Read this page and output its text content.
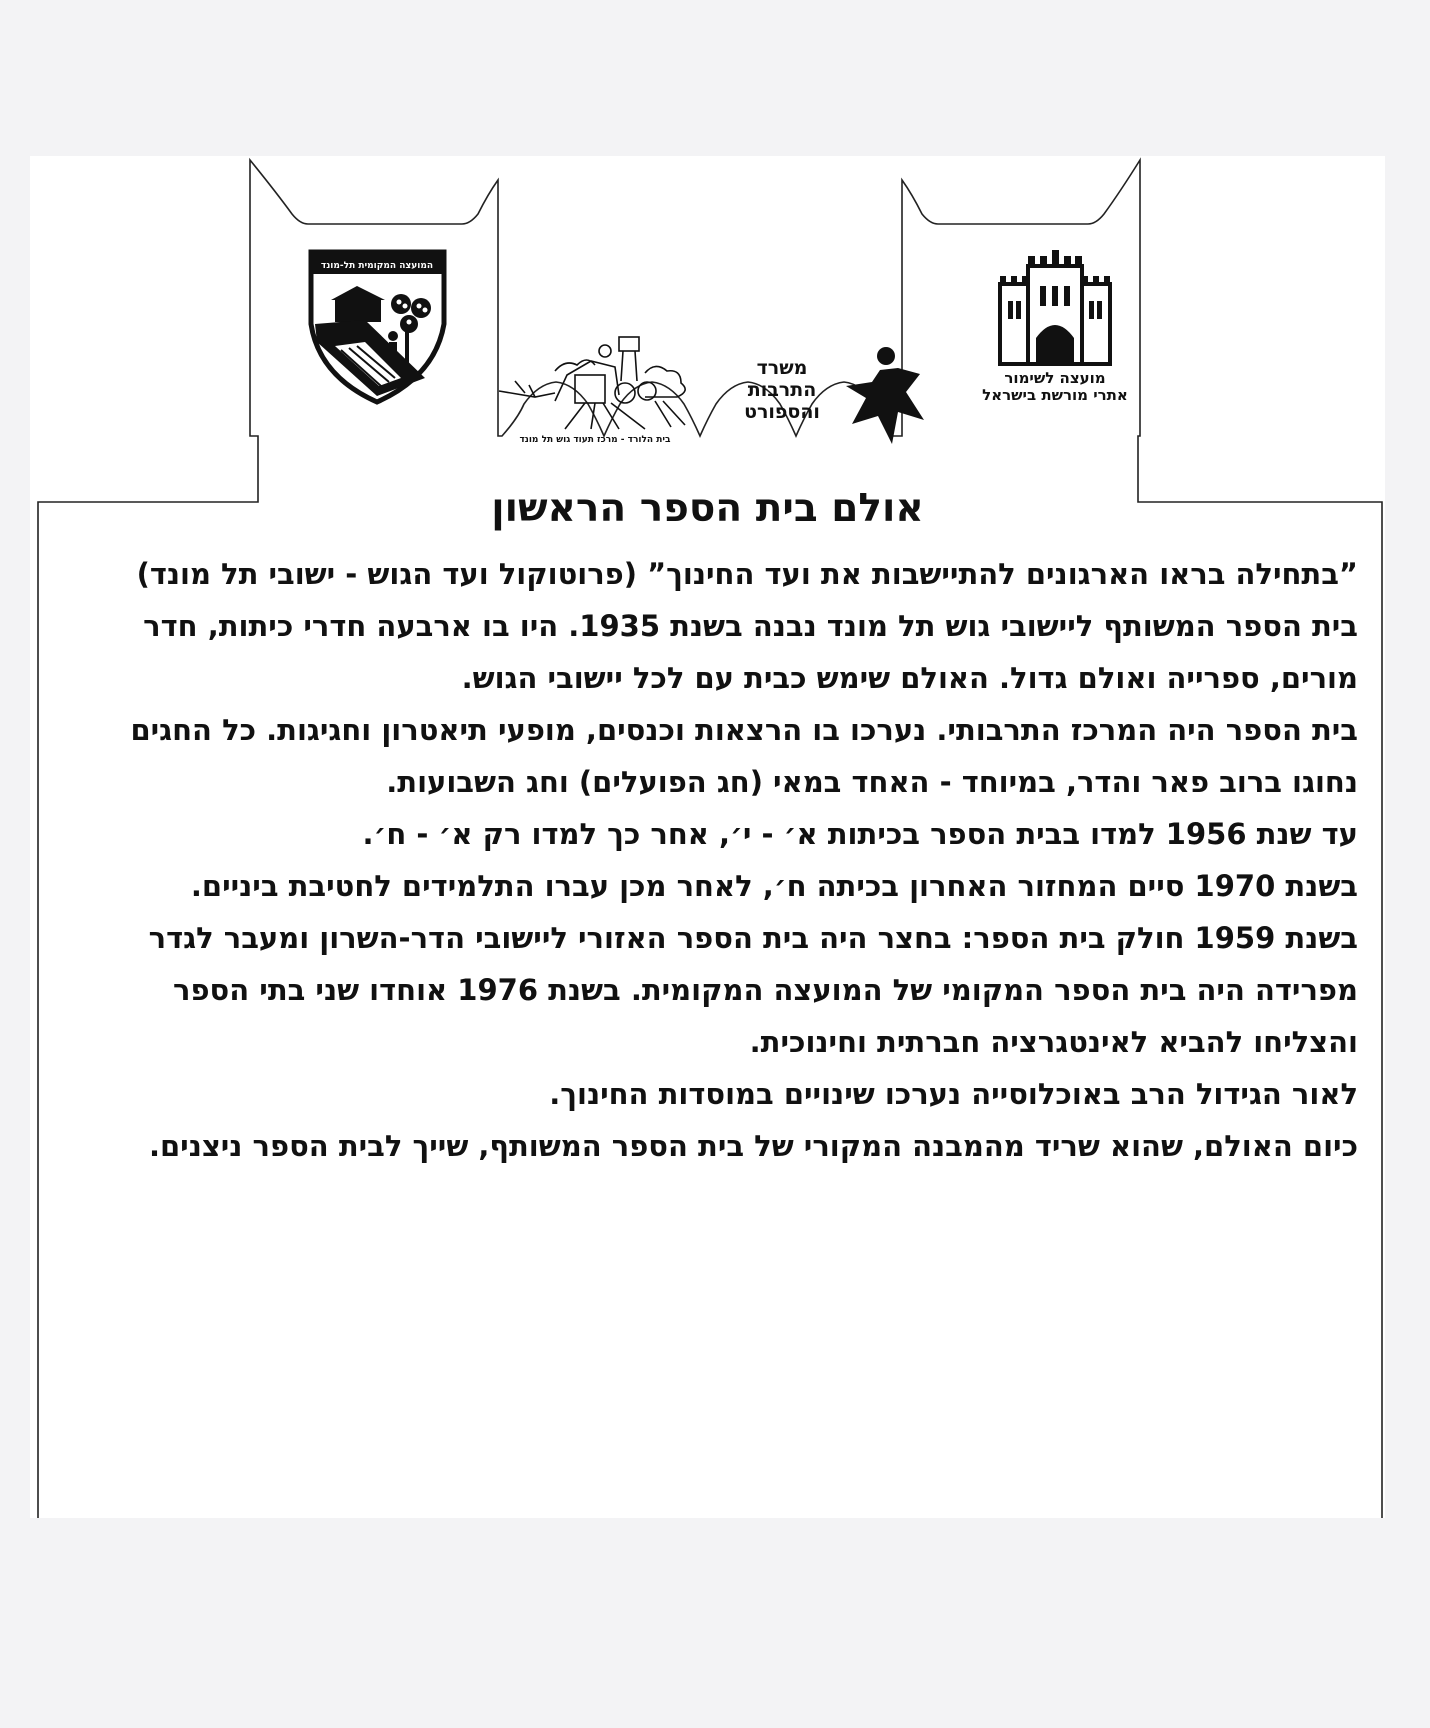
מועצה לשימור
אתרי מורשת בישראל
משרד
התרבות
והספורט
בית הלורד - מרכז תעוד גוש תל מונד
המועצה המקומית תל-מונד
אולם בית הספר הראשון

”בתחילה בראו הארגונים להתיישבות את ועד החינוך” (פרוטוקול ועד הגוש - ישובי תל מונד)

בית הספר המשותף ליישובי גוש תל מונד נבנה בשנת 1935. היו בו ארבעה חדרי כיתות, חדר מורים, ספרייה ואולם גדול. האולם שימש כבית עם לכל יישובי הגוש.

בית הספר היה המרכז התרבותי. נערכו בו הרצאות וכנסים, מופעי תיאטרון וחגיגות. כל החגים נחוגו ברוב פאר והדר, במיוחד - האחד במאי (חג הפועלים) וחג השבועות.

עד שנת 1956 למדו בבית הספר בכיתות א׳ - י׳, אחר כך למדו רק א׳ - ח׳.

בשנת 1970 סיים המחזור האחרון בכיתה ח׳, לאחר מכן עברו התלמידים לחטיבת ביניים.

בשנת 1959 חולק בית הספר: בחצר היה בית הספר האזורי ליישובי הדר-השרון ומעבר לגדר מפרידה היה בית הספר המקומי של המועצה המקומית. בשנת 1976 אוחדו שני בתי הספר והצליחו להביא לאינטגרציה חברתית וחינוכית.

לאור הגידול הרב באוכלוסייה נערכו שינויים במוסדות החינוך.

כיום האולם, שהוא שריד מהמבנה המקורי של בית הספר המשותף, שייך לבית הספר ניצנים.
